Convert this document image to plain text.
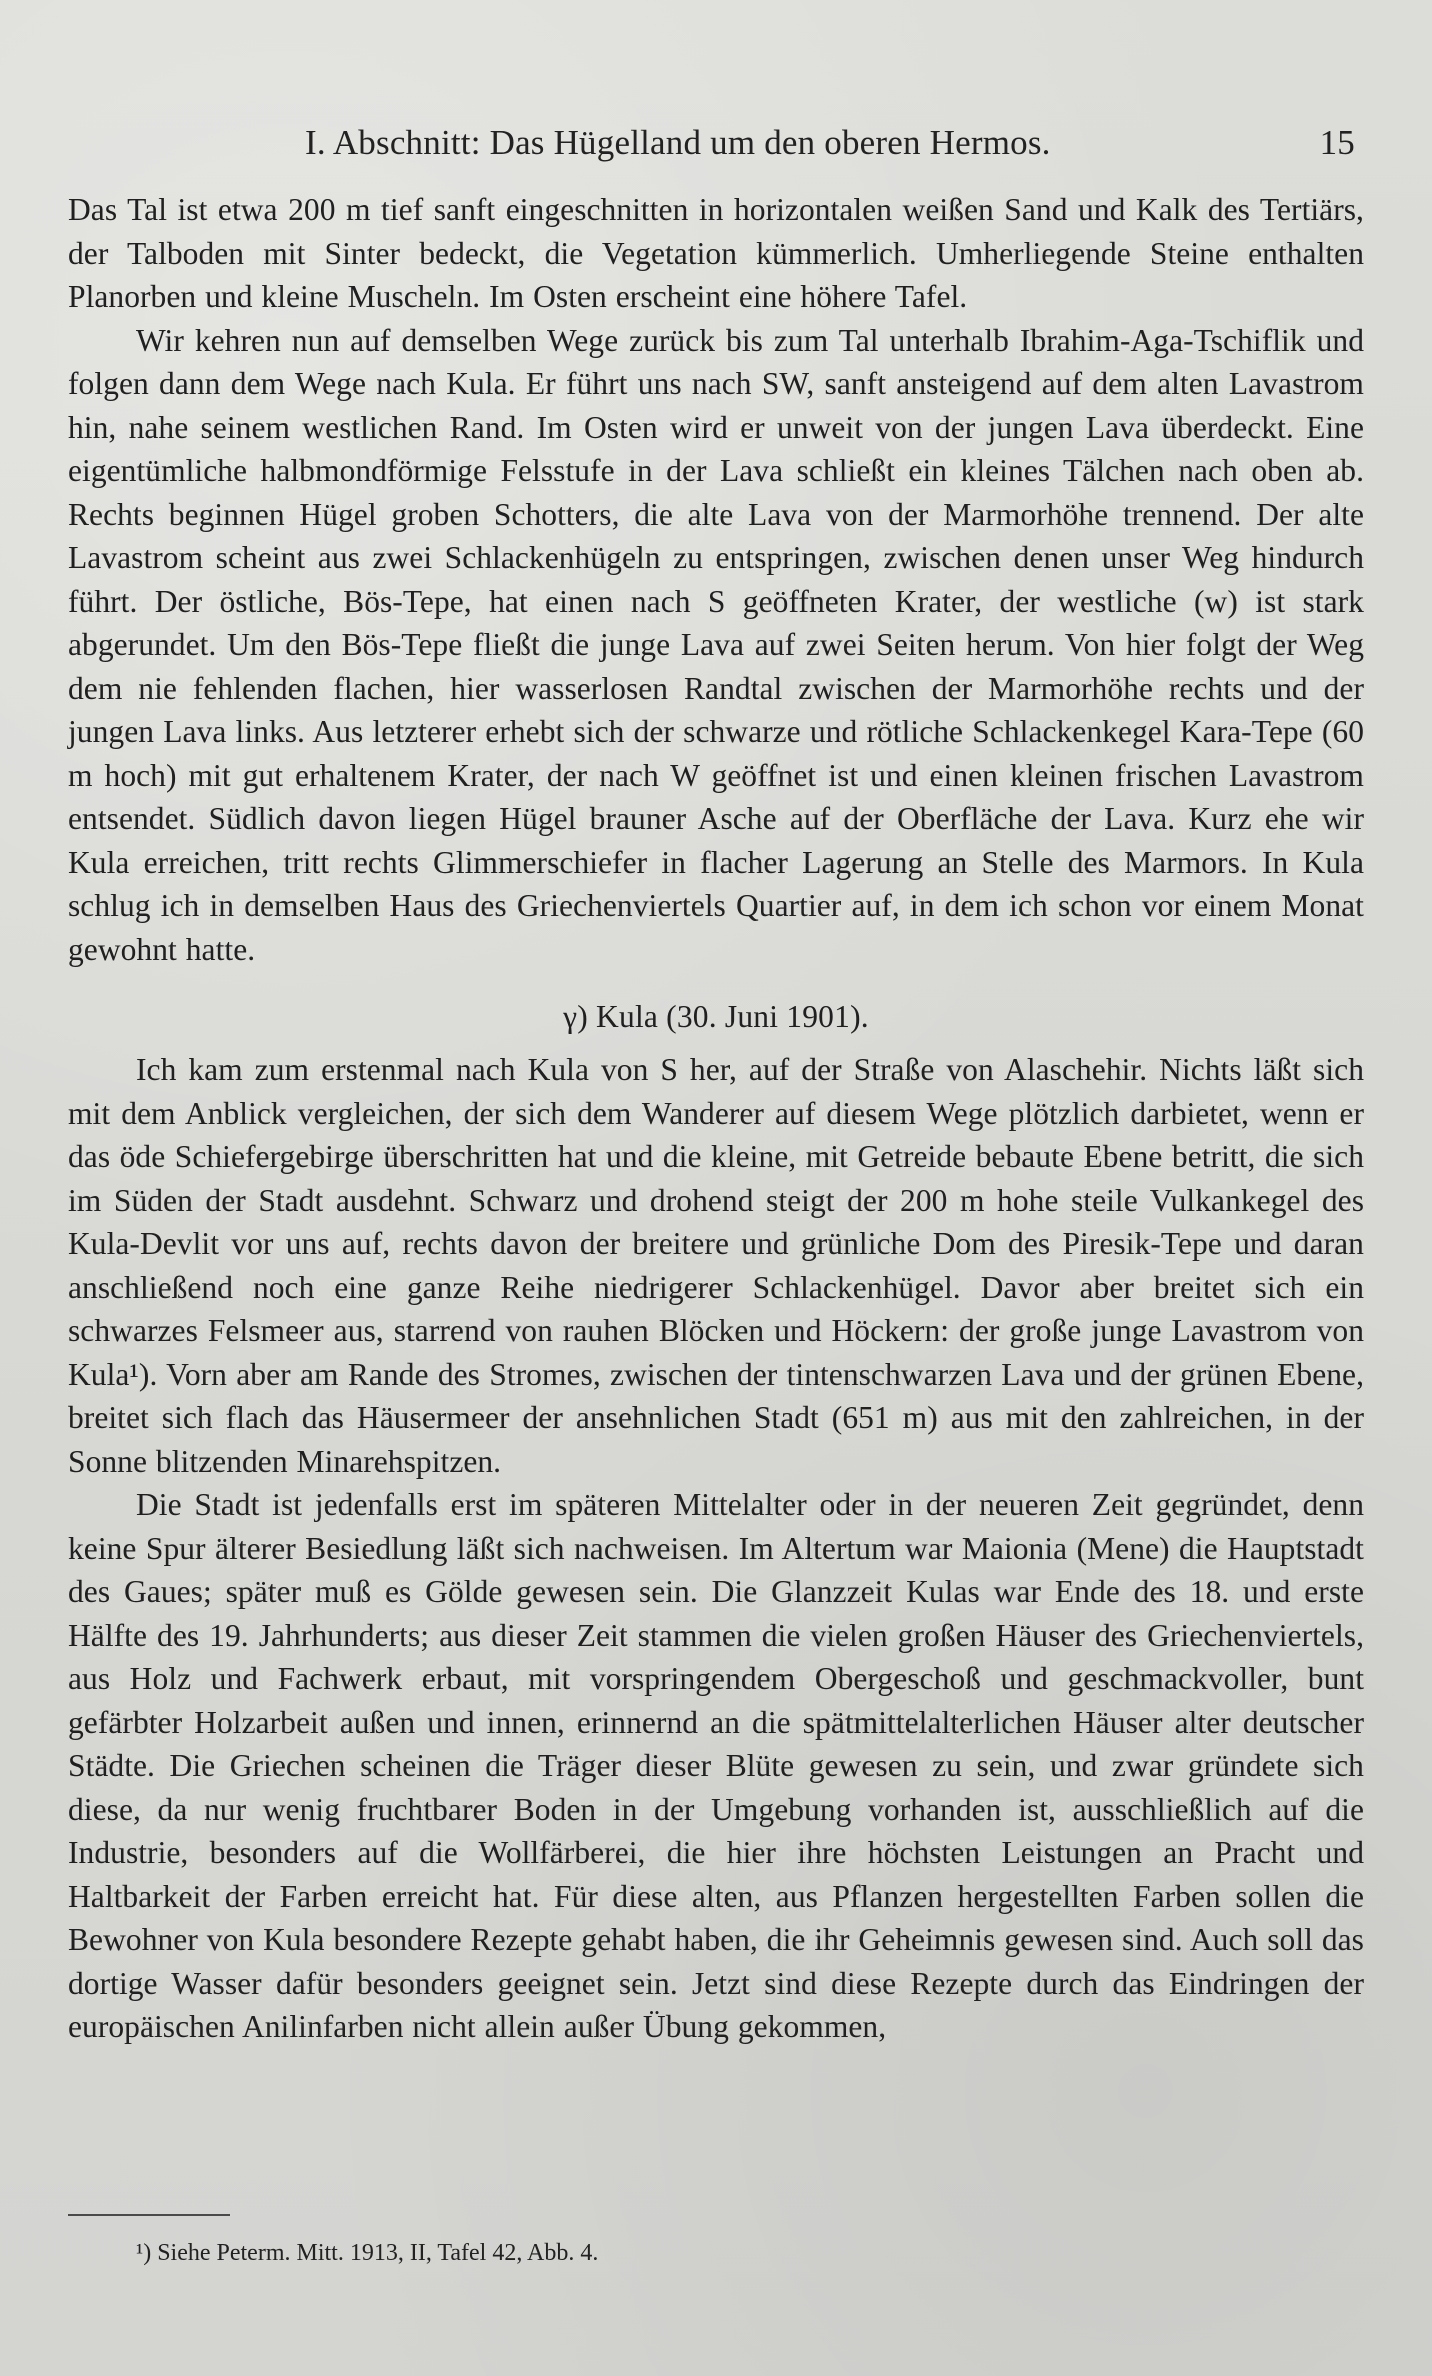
I. Abschnitt: Das Hügelland um den oberen Hermos.	15

Das Tal ist etwa 200 m tief sanft eingeschnitten in horizontalen weißen Sand und Kalk des Tertiärs, der Talboden mit Sinter bedeckt, die Vegetation kümmerlich. Umherliegende Steine enthalten Planorben und kleine Muscheln. Im Osten erscheint eine höhere Tafel.

Wir kehren nun auf demselben Wege zurück bis zum Tal unterhalb Ibrahim-Aga-Tschiflik und folgen dann dem Wege nach Kula. Er führt uns nach SW, sanft ansteigend auf dem alten Lavastrom hin, nahe seinem westlichen Rand. Im Osten wird er unweit von der jungen Lava überdeckt. Eine eigentümliche halbmondförmige Felsstufe in der Lava schließt ein kleines Tälchen nach oben ab. Rechts beginnen Hügel groben Schotters, die alte Lava von der Marmorhöhe trennend. Der alte Lavastrom scheint aus zwei Schlackenhügeln zu entspringen, zwischen denen unser Weg hindurch führt. Der östliche, Bös-Tepe, hat einen nach S geöffneten Krater, der westliche (w) ist stark abgerundet. Um den Bös-Tepe fließt die junge Lava auf zwei Seiten herum. Von hier folgt der Weg dem nie fehlenden flachen, hier wasserlosen Randtal zwischen der Marmorhöhe rechts und der jungen Lava links. Aus letzterer erhebt sich der schwarze und rötliche Schlackenkegel Kara-Tepe (60 m hoch) mit gut erhaltenem Krater, der nach W geöffnet ist und einen kleinen frischen Lavastrom entsendet. Südlich davon liegen Hügel brauner Asche auf der Oberfläche der Lava. Kurz ehe wir Kula erreichen, tritt rechts Glimmerschiefer in flacher Lagerung an Stelle des Marmors. In Kula schlug ich in demselben Haus des Griechenviertels Quartier auf, in dem ich schon vor einem Monat gewohnt hatte.

γ) Kula (30. Juni 1901).

Ich kam zum erstenmal nach Kula von S her, auf der Straße von Alaschehir. Nichts läßt sich mit dem Anblick vergleichen, der sich dem Wanderer auf diesem Wege plötzlich darbietet, wenn er das öde Schiefergebirge überschritten hat und die kleine, mit Getreide bebaute Ebene betritt, die sich im Süden der Stadt ausdehnt. Schwarz und drohend steigt der 200 m hohe steile Vulkankegel des Kula-Devlit vor uns auf, rechts davon der breitere und grünliche Dom des Piresik-Tepe und daran anschließend noch eine ganze Reihe niedrigerer Schlackenhügel. Davor aber breitet sich ein schwarzes Felsmeer aus, starrend von rauhen Blöcken und Höckern: der große junge Lavastrom von Kula¹). Vorn aber am Rande des Stromes, zwischen der tintenschwarzen Lava und der grünen Ebene, breitet sich flach das Häusermeer der ansehnlichen Stadt (651 m) aus mit den zahlreichen, in der Sonne blitzenden Minarehspitzen.

Die Stadt ist jedenfalls erst im späteren Mittelalter oder in der neueren Zeit gegründet, denn keine Spur älterer Besiedlung läßt sich nachweisen. Im Altertum war Maionia (Mene) die Hauptstadt des Gaues; später muß es Gölde gewesen sein. Die Glanzzeit Kulas war Ende des 18. und erste Hälfte des 19. Jahrhunderts; aus dieser Zeit stammen die vielen großen Häuser des Griechenviertels, aus Holz und Fachwerk erbaut, mit vorspringendem Obergeschoß und geschmackvoller, bunt gefärbter Holzarbeit außen und innen, erinnernd an die spätmittelalterlichen Häuser alter deutscher Städte. Die Griechen scheinen die Träger dieser Blüte gewesen zu sein, und zwar gründete sich diese, da nur wenig fruchtbarer Boden in der Umgebung vorhanden ist, ausschließlich auf die Industrie, besonders auf die Wollfärberei, die hier ihre höchsten Leistungen an Pracht und Haltbarkeit der Farben erreicht hat. Für diese alten, aus Pflanzen hergestellten Farben sollen die Bewohner von Kula besondere Rezepte gehabt haben, die ihr Geheimnis gewesen sind. Auch soll das dortige Wasser dafür besonders geeignet sein. Jetzt sind diese Rezepte durch das Eindringen der europäischen Anilinfarben nicht allein außer Übung gekommen,

¹) Siehe Peterm. Mitt. 1913, II, Tafel 42, Abb. 4.
